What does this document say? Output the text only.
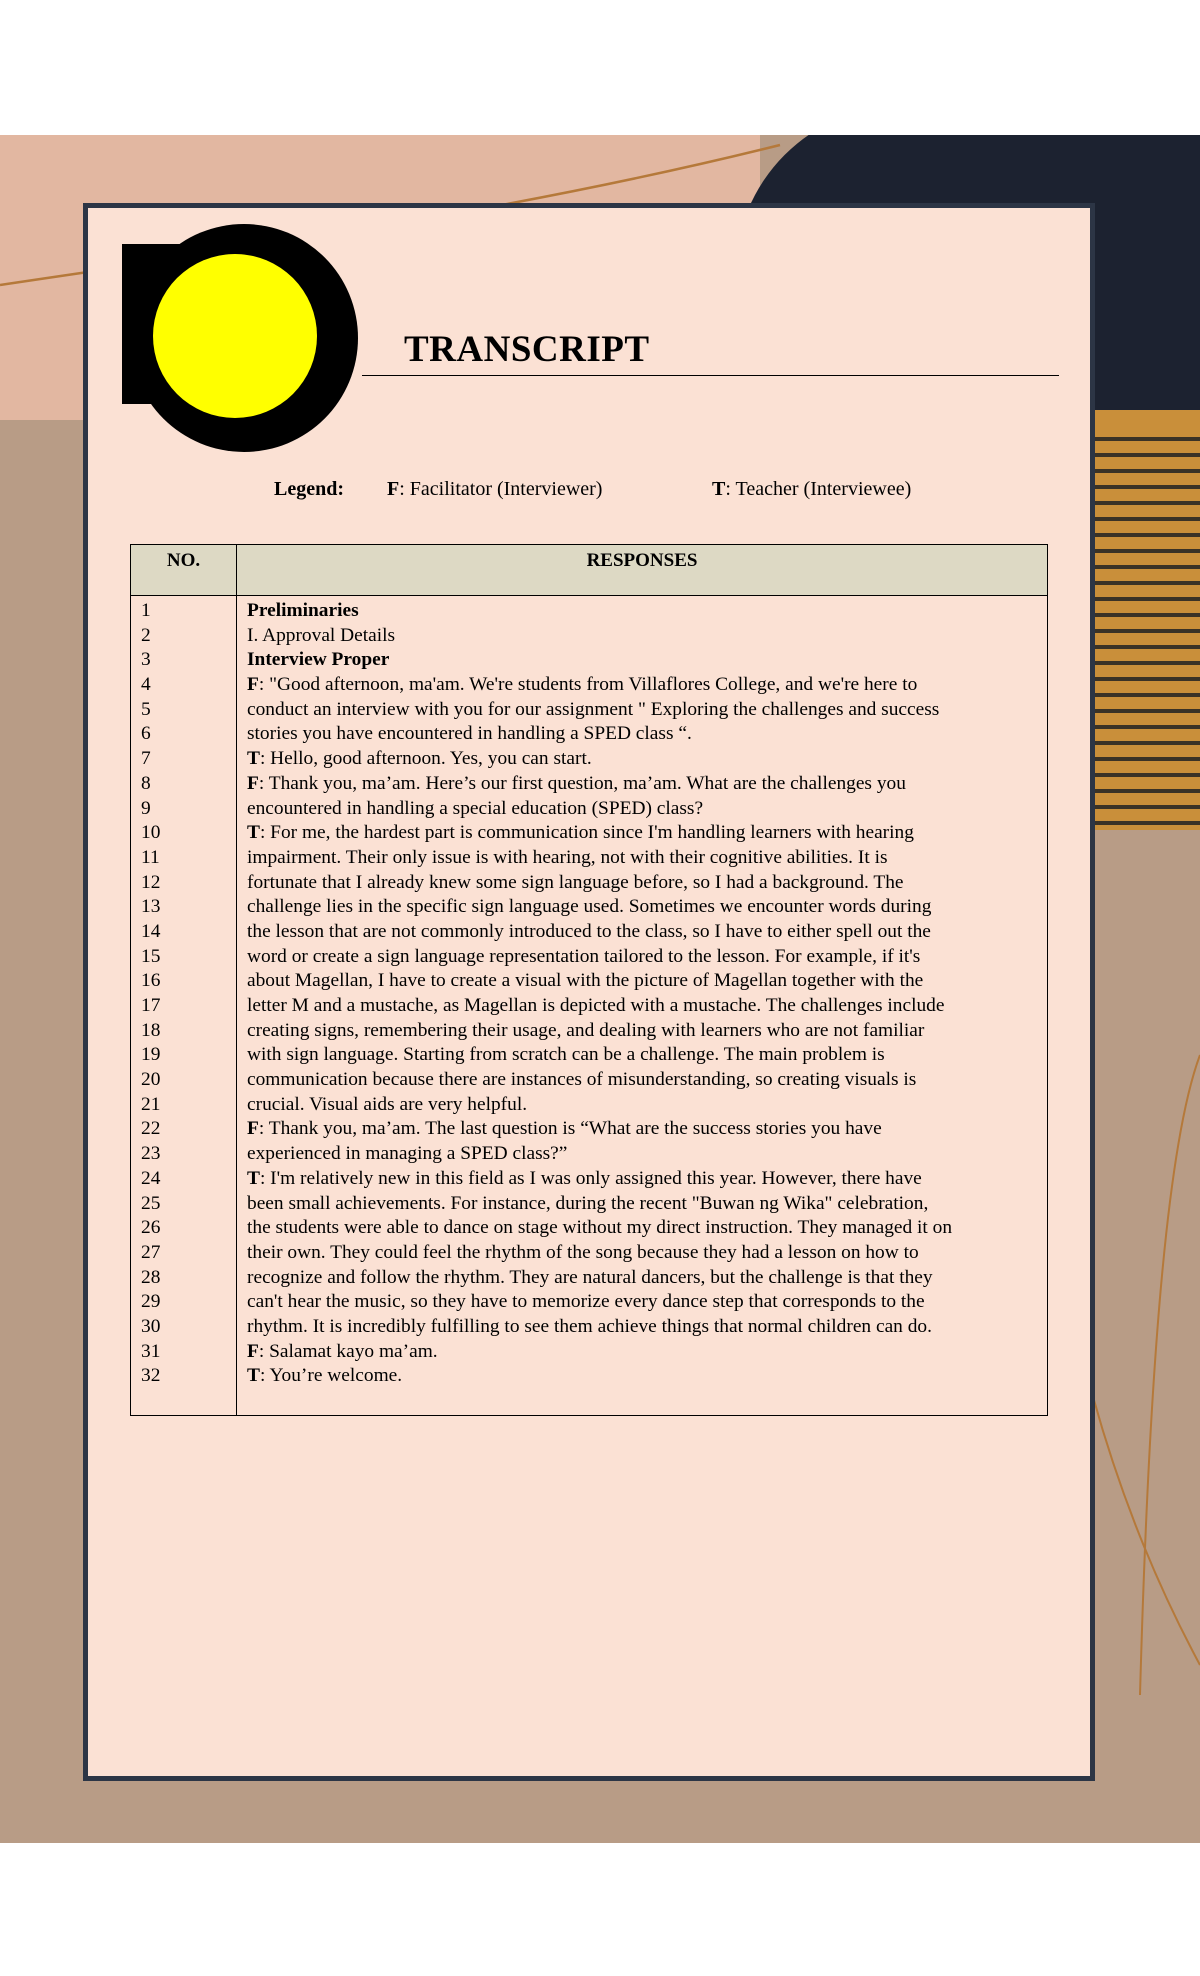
TRANSCRIPT
Legend: F: Facilitator (Interviewer)	T: Teacher (Interviewee)
NO.	RESPONSES
1	Preliminaries
2	I. Approval Details
3	Interview Proper
4	F: "Good afternoon, ma'am. We're students from Villaflores College, and we're here to
5	conduct an interview with you for our assignment " Exploring the challenges and success
6	stories you have encountered in handling a SPED class “.
7	T: Hello, good afternoon. Yes, you can start.
8	F: Thank you, ma’am. Here’s our first question, ma’am. What are the challenges you
9	encountered in handling a special education (SPED) class?
10	T: For me, the hardest part is communication since I'm handling learners with hearing
11	impairment. Their only issue is with hearing, not with their cognitive abilities. It is
12	fortunate that I already knew some sign language before, so I had a background. The
13	challenge lies in the specific sign language used. Sometimes we encounter words during
14	the lesson that are not commonly introduced to the class, so I have to either spell out the
15	word or create a sign language representation tailored to the lesson. For example, if it's
16	about Magellan, I have to create a visual with the picture of Magellan together with the
17	letter M and a mustache, as Magellan is depicted with a mustache. The challenges include
18	creating signs, remembering their usage, and dealing with learners who are not familiar
19	with sign language. Starting from scratch can be a challenge. The main problem is
20	communication because there are instances of misunderstanding, so creating visuals is
21	crucial. Visual aids are very helpful.
22	F: Thank you, ma’am. The last question is “What are the success stories you have
23	experienced in managing a SPED class?”
24	T: I'm relatively new in this field as I was only assigned this year. However, there have
25	been small achievements. For instance, during the recent "Buwan ng Wika" celebration,
26	the students were able to dance on stage without my direct instruction. They managed it on
27	their own. They could feel the rhythm of the song because they had a lesson on how to
28	recognize and follow the rhythm. They are natural dancers, but the challenge is that they
29	can't hear the music, so they have to memorize every dance step that corresponds to the
30	rhythm. It is incredibly fulfilling to see them achieve things that normal children can do.
31	F: Salamat kayo ma’am.
32	T: You’re welcome.
